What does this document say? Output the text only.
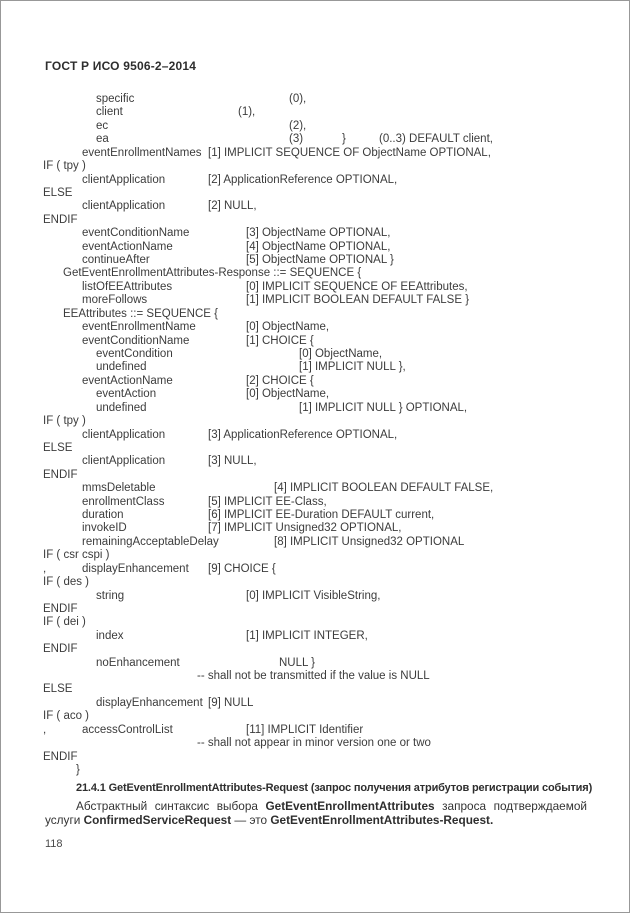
ГОСТ Р ИСО 9506-2–2014
specific	(0),
client	(1),
ec	(2),
ea	(3)	}	(0..3) DEFAULT client,
eventEnrollmentNames [1] IMPLICIT SEQUENCE OF ObjectName OPTIONAL,
IF ( tpy )
clientApplication	[2] ApplicationReference OPTIONAL,
ELSE
clientApplication	[2] NULL,
ENDIF
eventConditionName	[3] ObjectName OPTIONAL,
eventActionName	[4] ObjectName OPTIONAL,
continueAfter	[5] ObjectName OPTIONAL }
GetEventEnrollmentAttributes-Response ::= SEQUENCE {
listOfEEAttributes	[0] IMPLICIT SEQUENCE OF EEAttributes,
moreFollows	[1] IMPLICIT BOOLEAN DEFAULT FALSE }
EEAttributes ::= SEQUENCE {
eventEnrollmentName	[0] ObjectName,
eventConditionName	[1] CHOICE {
eventCondition	[0] ObjectName,
undefined	[1] IMPLICIT NULL },
eventActionName	[2] CHOICE {
eventAction	[0] ObjectName,
undefined	[1] IMPLICIT NULL } OPTIONAL,
IF ( tpy )
clientApplication	[3] ApplicationReference OPTIONAL,
ELSE
clientApplication	[3] NULL,
ENDIF
mmsDeletable	[4] IMPLICIT BOOLEAN DEFAULT FALSE,
enrollmentClass	[5] IMPLICIT EE-Class,
duration	[6] IMPLICIT EE-Duration DEFAULT current,
invokeID	[7] IMPLICIT Unsigned32 OPTIONAL,
remainingAcceptableDelay	[8] IMPLICIT Unsigned32 OPTIONAL
IF ( csr cspi )
,	displayEnhancement [9] CHOICE {
IF ( des )
string	[0] IMPLICIT VisibleString,
ENDIF
IF ( dei )
index	[1] IMPLICIT INTEGER,
ENDIF
noEnhancement	NULL }
-- shall not be transmitted if the value is NULL
ELSE
displayEnhancement [9] NULL
IF ( aco )
,	accessControlList	[11] IMPLICIT Identifier
-- shall not appear in minor version one or two
ENDIF
}
21.4.1 GetEventEnrollmentAttributes-Request (запрос получения атрибутов регистрации события)

Абстрактный синтаксис выбора GetEventEnrollmentAttributes запроса подтверждаемой услуги ConfirmedServiceRequest — это GetEventEnrollmentAttributes-Request.

118
